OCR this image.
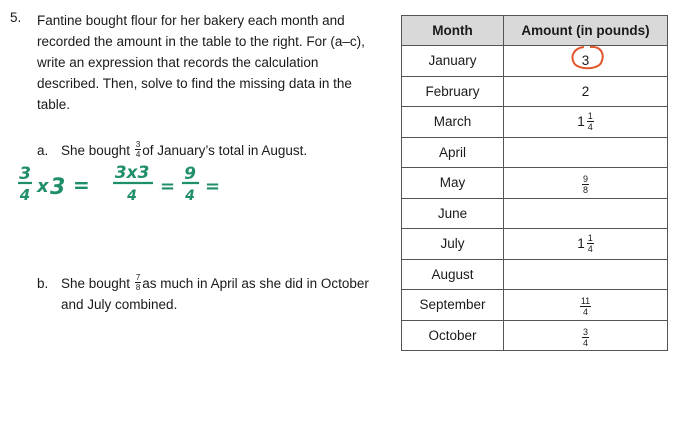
5. Fantine bought flour for her bakery each month and
recorded the amount in the table to the right. For (a–c),
write an expression that records the calculation
described. Then, solve to find the missing data in the
table.
a. She bought $\frac{3}{4}$ of January’s total in August.
3
4 x 3 = 3x3
4 =
9
4 =
b. She bought $\frac{7}{8}$ as much in April as she did in October
and July combined.
Month	Amount (in pounds)
January	3
February	2
March	$1 \frac{1}{4}$

April	
May	$\frac{9}{8}$

June	
July	$1 \frac{1}{4}$

August	
September	$\frac{11}{4}$

October	$\frac{3}{4}$
